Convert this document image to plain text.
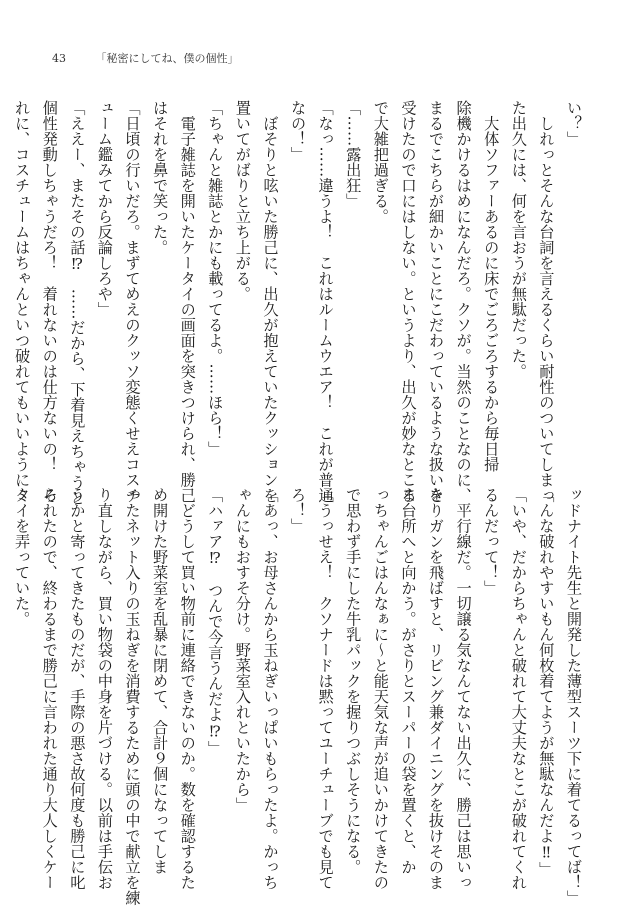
43	「秘密にしてね、僕の個性」
い？」
　しれっとそんな台詞を言えるくらい耐性のついてしまっ
た出久には、何を言おうが無駄だった。
　大体ソファーあるのに床でごろごろするから毎日掃
除機かけるはめになんだろ。クソが。当然のことなのに、
まるでこちらが細かいことにこだわっているような扱いを
受けたので口にはしない。というより、出久が妙なところ
で大雑把過ぎる。
「……露出狂」
「なっ……違うよ！　これはルームウエア！　これが普通
なの！」
　ぼそりと呟いた勝己に、出久が抱えていたクッションを
置いてがばりと立ち上がる。
「ちゃんと雑誌とかにも載ってるよ。……ほら！」
　電子雑誌を開いたケータイの画面を突きつけられ、勝己
はそれを鼻で笑った。
「日頃の行いだろ。まずてめえのクッソ変態くせえコスチ
ューム鑑みてから反論しろや」
「ええー、またその話⁉　……だから、下着見えちゃうと
個性発動しちゃうだろ！　着れないのは仕方ないの！　そ
れに、コスチュームはちゃんといつ破れてもいいようにミ
ッドナイト先生と開発した薄型スーツ下に着てるってば！」
「んな破れやすいもん何枚着てようが無駄なんだよ‼」
「いや、だからちゃんと破れて大丈夫なとこが破れてくれ
るんだって！」
　平行線だ。一切譲る気なんてない出久に、勝己は思いっ
きりガンを飛ばすと、リビング兼ダイニングを抜けそのま
ま台所へと向かう。がさりとスーパーの袋を置くと、か
っちゃんごはんなぁに～と能天気な声が追いかけてきたの
で思わず手にした牛乳パックを握りつぶしそうになる。
「うっせえ！　クソナードは黙ってユーチューブでも見て
ろ！」
「あっ、お母さんから玉ねぎいっぱいもらったよ。かっち
ゃんにもおすそ分け。野菜室入れといたから」
「ハァア⁉　つんで今言うんだよ⁉」
　どうして買い物前に連絡できないのか。数を確認するた
め開けた野菜室を乱暴に閉めて、合計９個になってしま
ったネット入りの玉ねぎを消費するために頭の中で献立を練
り直しながら、買い物袋の中身を片づける。以前は手伝お
うかと寄ってきたものだが、手際の悪さ故何度も勝己に叱
られたので、終わるまで勝己に言われた通り大人しくケー
タイを弄っていた。
